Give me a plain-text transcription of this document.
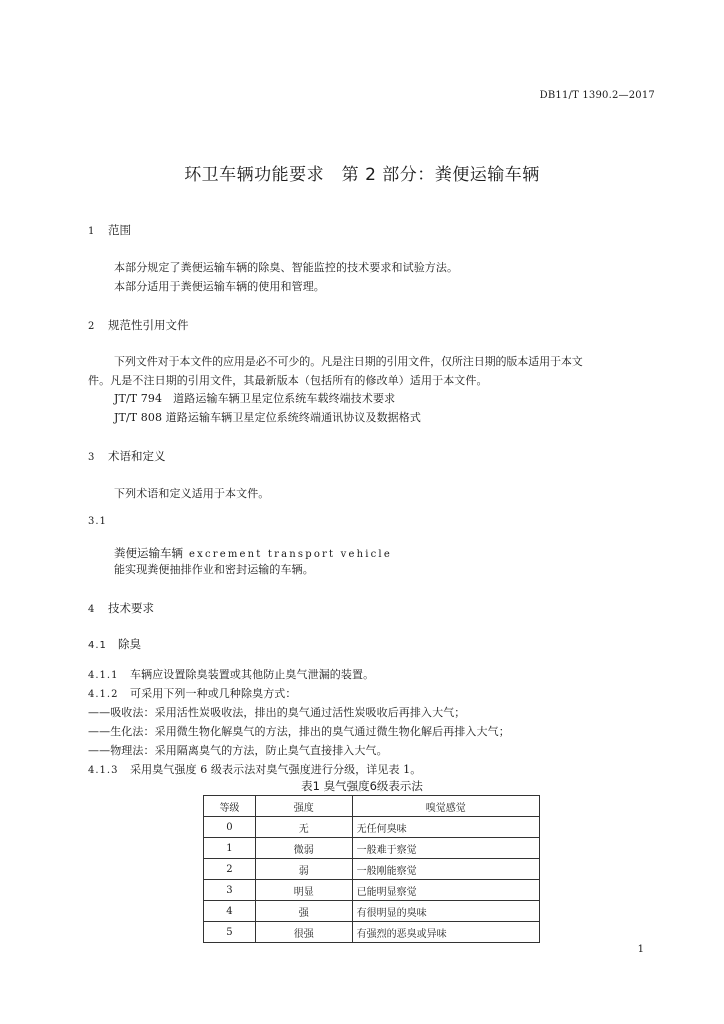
DB11/T 1390.2—2017
环卫车辆功能要求　第 2 部分：粪便运输车辆
1 范围
本部分规定了粪便运输车辆的除臭、智能监控的技术要求和试验方法。
本部分适用于粪便运输车辆的使用和管理。
2 规范性引用文件
下列文件对于本文件的应用是必不可少的。凡是注日期的引用文件，仅所注日期的版本适用于本文
件。凡是不注日期的引用文件，其最新版本（包括所有的修改单）适用于本文件。
JT/T 794　道路运输车辆卫星定位系统车载终端技术要求
JT/T 808 道路运输车辆卫星定位系统终端通讯协议及数据格式
3 术语和定义
下列术语和定义适用于本文件。
3.1
粪便运输车辆 excrement transport vehicle
能实现粪便抽排作业和密封运输的车辆。
4 技术要求
4.1 除臭
4.1.1 车辆应设置除臭装置或其他防止臭气泄漏的装置。
4.1.2 可采用下列一种或几种除臭方式：
——吸收法：采用活性炭吸收法，排出的臭气通过活性炭吸收后再排入大气；
——生化法：采用微生物化解臭气的方法，排出的臭气通过微生物化解后再排入大气；
——物理法：采用隔离臭气的方法，防止臭气直接排入大气。
4.1.3 采用臭气强度 6 级表示法对臭气强度进行分级，详见表 1。
表1 臭气强度6级表示法
等级	强度	嗅觉感觉
0	无	无任何臭味
1	微弱	一般难于察觉
2	弱	一般刚能察觉
3	明显	已能明显察觉
4	强	有很明显的臭味
5	很强	有强烈的恶臭或异味
1
